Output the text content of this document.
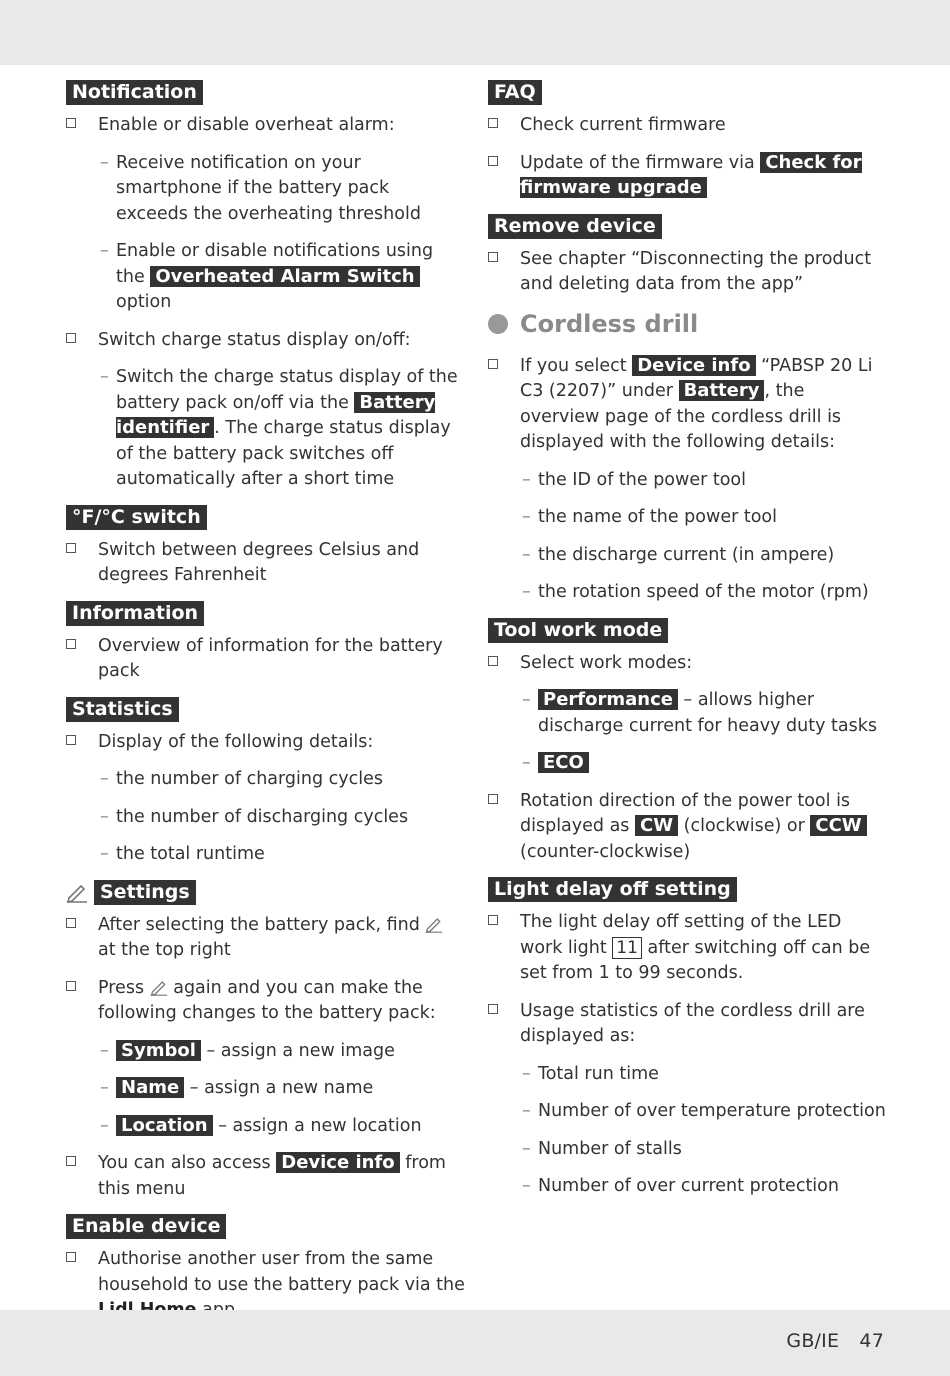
Notification
Enable or disable overheat alarm:
– Receive notification on your smartphone if the battery pack exceeds the overheating threshold
– Enable or disable notifications using the Overheated Alarm Switch option
Switch charge status display on/off:
– Switch the charge status display of the battery pack on/off via the Battery identifier . The charge status display of the battery pack switches off automatically after a short time
°F/°C switch
Switch between degrees Celsius and degrees Fahrenheit
Information
Overview of information for the battery pack
Statistics
Display of the following details:
– the number of charging cycles
– the number of discharging cycles
– the total runtime
Settings
After selecting the battery pack, find  at the top right
Press again and you can make the following changes to the battery pack:
– Symbol – assign a new image
– Name – assign a new name
– Location – assign a new location
You can also access Device info from this menu
Enable device
Authorise another user from the same household to use the battery pack via the
FAQ
Check current firmware
Update of the firmware via Check for firmware upgrade
Remove device
See chapter “Disconnecting the product and deleting data from the app”
Cordless drill
If you select Device info “PABSP 20 Li C3 (2207)” under Battery , the overview page of the cordless drill is displayed with the following details:
– the ID of the power tool
– the name of the power tool
– the discharge current (in ampere)
– the rotation speed of the motor (rpm)
Tool work mode
Select work modes:
– Performance – allows higher discharge current for heavy duty tasks
– ECO
Rotation direction of the power tool is displayed as CW (clockwise) or CCW (counter-clockwise)
Light delay off setting
The light delay off setting of the LED work light 11 after switching off can be set from 1 to 99 seconds.
Usage statistics of the cordless drill are displayed as:
– Total run time
– Number of over temperature protection
– Number of stalls
– Number of over current protection
GB/IE 47
